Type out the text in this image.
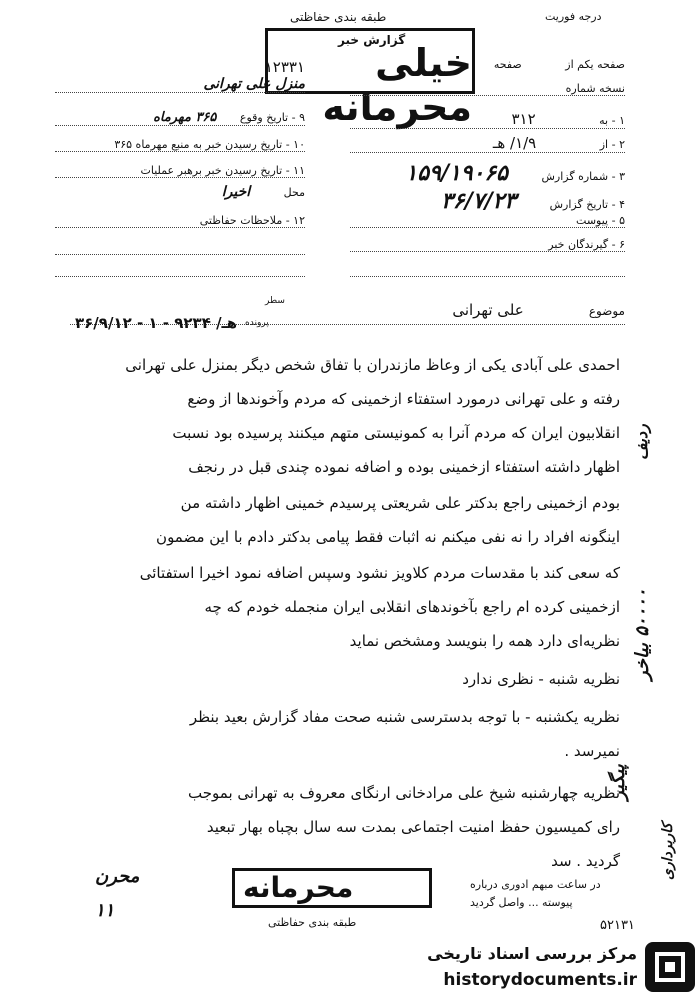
طبقه بندی حفاظتی	درجه فوریت
خیلی محرمانه
گزارش خبر
۱۲۳۳۱
منزل علی تهرانی
۹ - تاریخ وقوع ۳۶۵ مهرماه
۱۰ - تاریخ رسیدن خبر به منبع مهرماه ۳۶۵
۱۱ - تاریخ رسیدن خبر برهبر عملیات
محل اخیرا
۱۲ - ملاحظات حفاظتی
صفحه یکم از صفحه
نسخه شماره
۱ - به ۳۱۲
۲ - از ۱/۹/ هـ
۳ - شماره گزارش ۱۵۹/۱۹۰۶۵
۴ - تاریخ گزارش ۳۶/۷/۲۳
۵ - پیوست
۶ - گیرندگان خبر
موضوع علی تهرانی
سطر
پرونده
۳۶/۹/۱۲ - ۱ - هـ/ ۹۲۳۴
احمدی علی آبادی یکی از وعاظ مازندران با تفاق شخص دیگر بمنزل علی تهرانی
رفته و علی تهرانی درمورد استفتاء ازخمینی که مردم وآخوندها از وضع
انقلابیون ایران که مردم آنرا به کمونیستی متهم میکنند پرسیده بود نسبت
اظهار داشته استفتاء ازخمینی بوده و اضافه نموده چندی قبل در رنجف
بودم ازخمینی راجع بدکتر علی شریعتی پرسیدم خمینی اظهار داشته من
اینگونه افراد را نه نفی میکنم نه اثبات فقط پیامی بدکتر دادم با این مضمون
که سعی کند با مقدسات مردم کلاویز نشود وسپس اضافه نمود اخیرا استفتائی
ازخمینی کرده ام راجع بآخوندهای انقلابی ایران منجمله خودم که چه
نظریه‌ای دارد همه را بنویسد ومشخص نماید
نظریه شنبه - نظری ندارد
نظریه یکشنبه - با توجه بدسترسی شنبه صحت مفاد گزارش بعید بنظر
نمیرسد .
نظریه چهارشنبه شیخ علی مرادخانی ارنگای معروف به تهرانی بموجب
رای کمیسیون حفظ امنیت اجتماعی بمدت سه سال بچباه بهار تبعید
گردید . سد
ردیف
۵۰۰۰۰ بیاخر
پیگیر
کاربرداری
محرن
۱۱
محرمانه
طبقه بندی حفاظتی
در ساعت مبهم ادوری درباره
پیوسته ... واصل گردید
۵۲۱۳۱
مرکز بررسی اسناد تاریخی
historydocuments.ir
